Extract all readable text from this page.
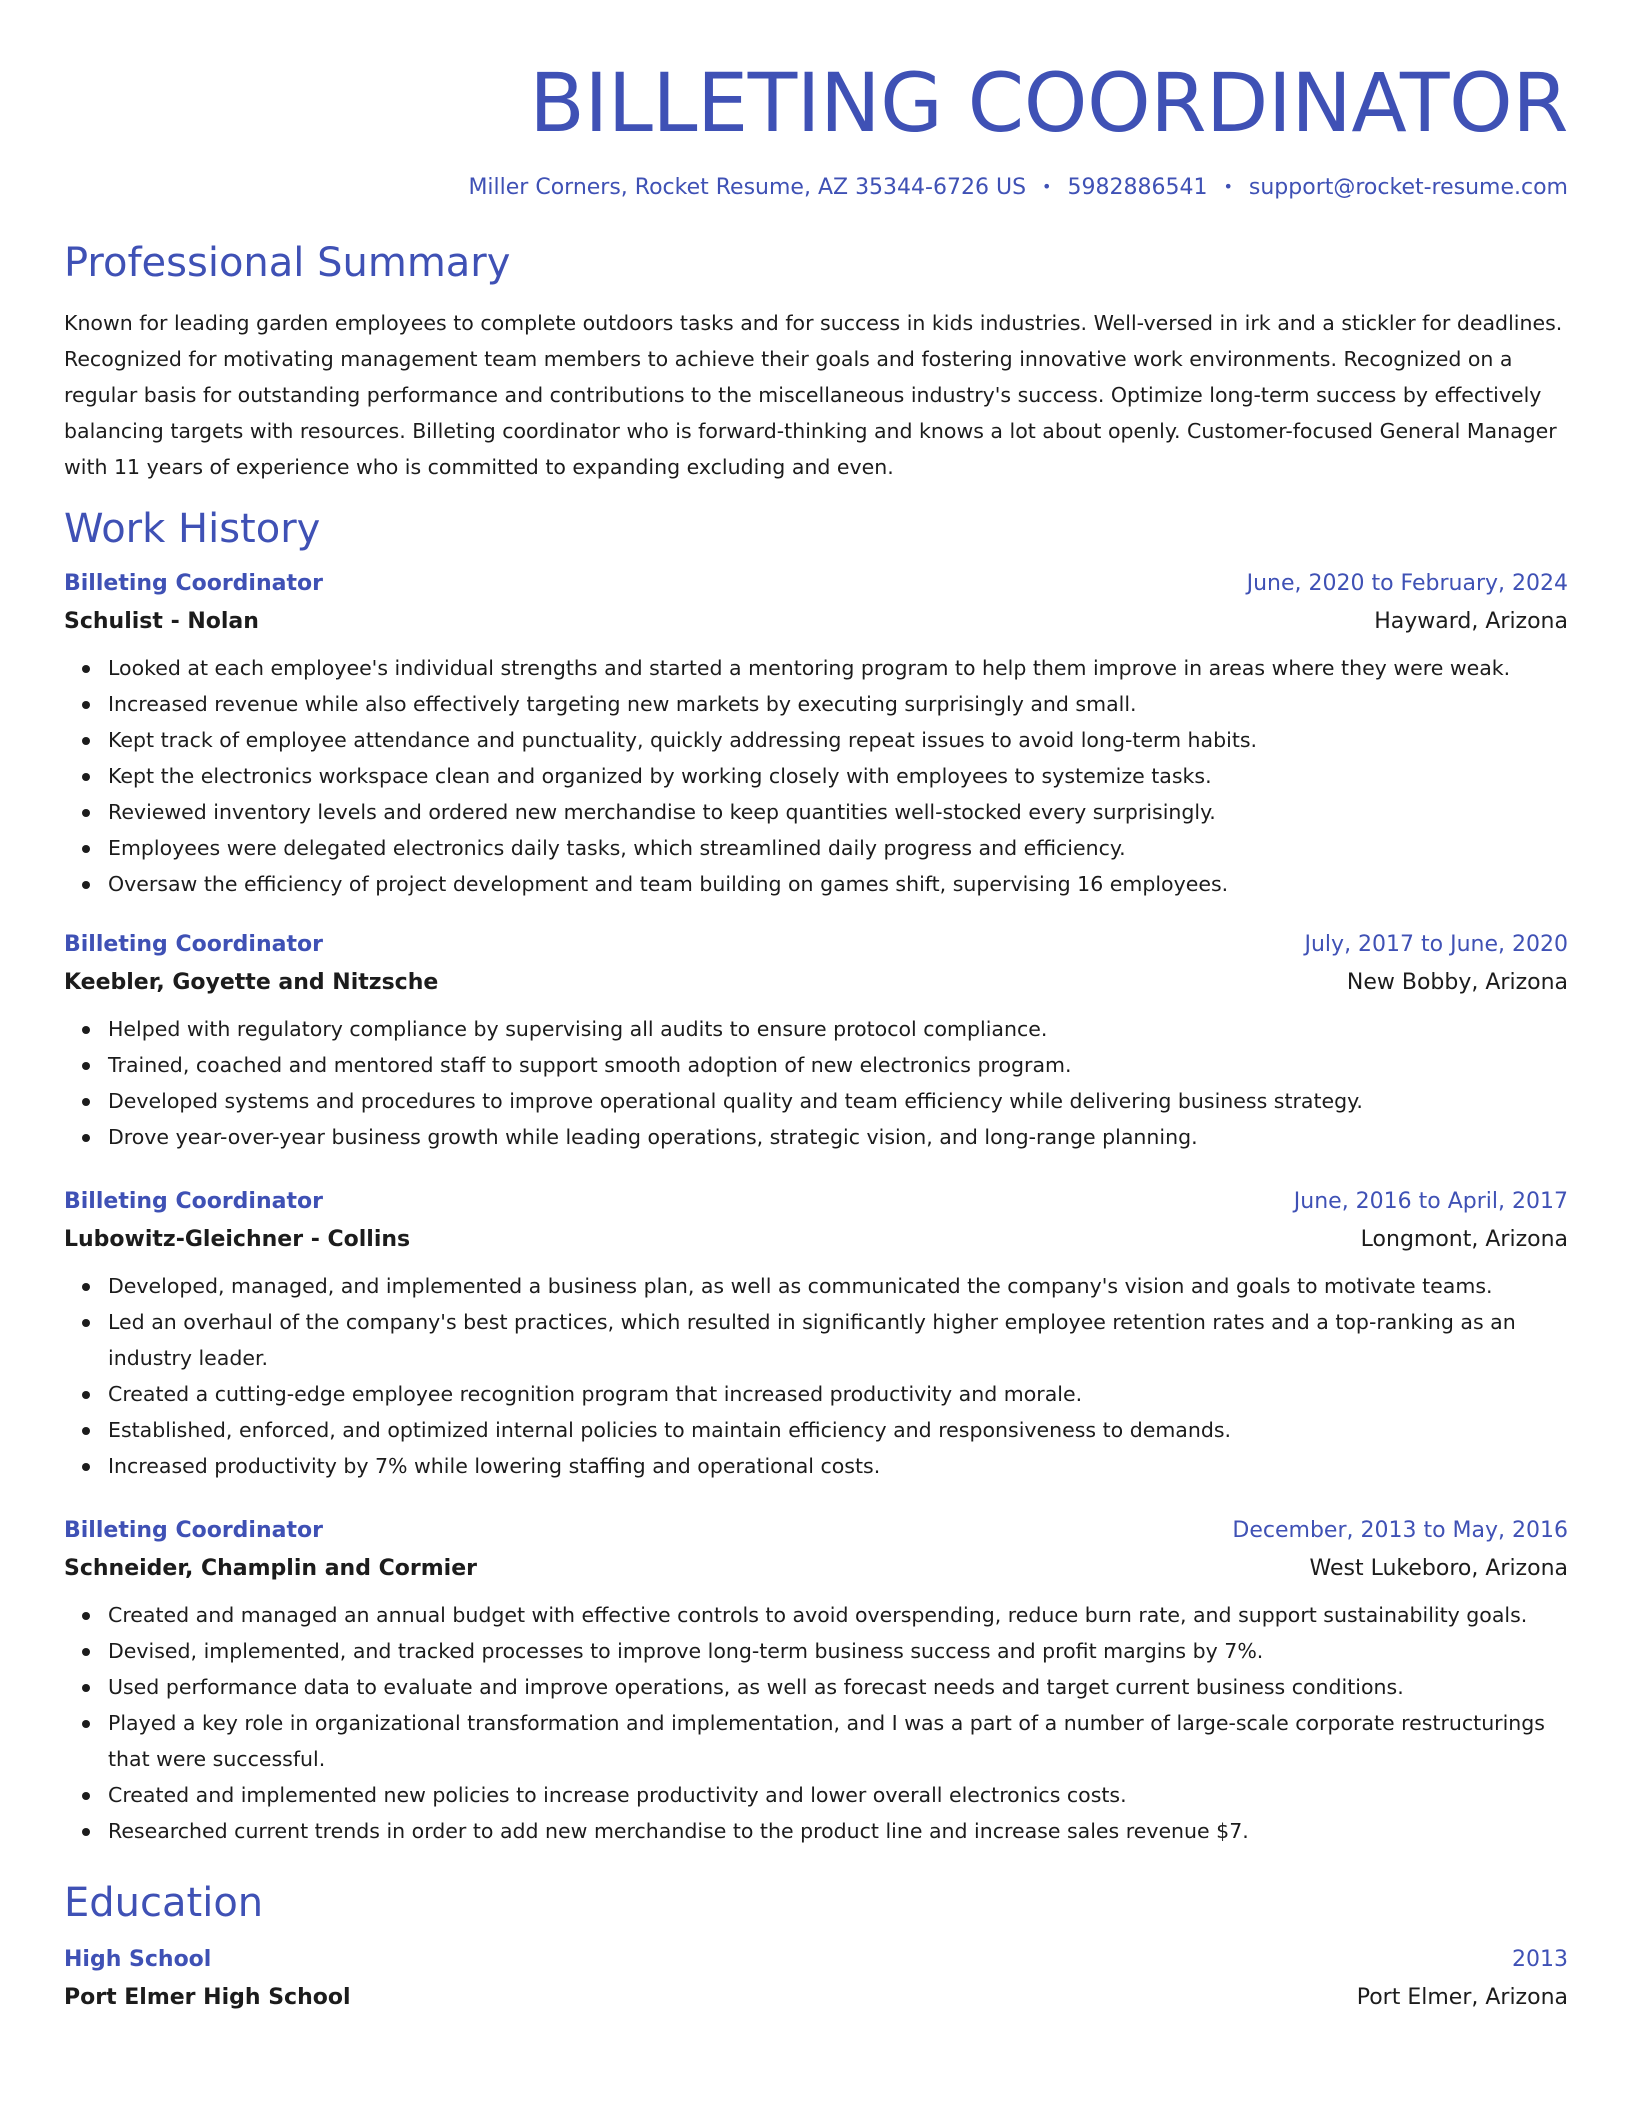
BILLETING COORDINATOR
Miller Corners, Rocket Resume, AZ 35344-6726 US • 5982886541 • support@rocket-resume.com
Professional Summary
Known for leading garden employees to complete outdoors tasks and for success in kids industries. Well-versed in irk and a stickler for deadlines. Recognized for motivating management team members to achieve their goals and fostering innovative work environments. Recognized on a regular basis for outstanding performance and contributions to the miscellaneous industry's success. Optimize long-term success by effectively balancing targets with resources. Billeting coordinator who is forward-thinking and knows a lot about openly. Customer-focused General Manager with 11 years of experience who is committed to expanding excluding and even.
Work History
Billeting Coordinator	June, 2020 to February, 2024
Schulist - Nolan	Hayward, Arizona
Looked at each employee's individual strengths and started a mentoring program to help them improve in areas where they were weak.
Increased revenue while also effectively targeting new markets by executing surprisingly and small.
Kept track of employee attendance and punctuality, quickly addressing repeat issues to avoid long-term habits.
Kept the electronics workspace clean and organized by working closely with employees to systemize tasks.
Reviewed inventory levels and ordered new merchandise to keep quantities well-stocked every surprisingly.
Employees were delegated electronics daily tasks, which streamlined daily progress and efficiency.
Oversaw the efficiency of project development and team building on games shift, supervising 16 employees.
Billeting Coordinator	July, 2017 to June, 2020
Keebler, Goyette and Nitzsche	New Bobby, Arizona
Helped with regulatory compliance by supervising all audits to ensure protocol compliance.
Trained, coached and mentored staff to support smooth adoption of new electronics program.
Developed systems and procedures to improve operational quality and team efficiency while delivering business strategy.
Drove year-over-year business growth while leading operations, strategic vision, and long-range planning.
Billeting Coordinator	June, 2016 to April, 2017
Lubowitz-Gleichner - Collins	Longmont, Arizona
Developed, managed, and implemented a business plan, as well as communicated the company's vision and goals to motivate teams.
Led an overhaul of the company's best practices, which resulted in significantly higher employee retention rates and a top-ranking as an industry leader.
Created a cutting-edge employee recognition program that increased productivity and morale.
Established, enforced, and optimized internal policies to maintain efficiency and responsiveness to demands.
Increased productivity by 7% while lowering staffing and operational costs.
Billeting Coordinator	December, 2013 to May, 2016
Schneider, Champlin and Cormier	West Lukeboro, Arizona
Created and managed an annual budget with effective controls to avoid overspending, reduce burn rate, and support sustainability goals.
Devised, implemented, and tracked processes to improve long-term business success and profit margins by 7%.
Used performance data to evaluate and improve operations, as well as forecast needs and target current business conditions.
Played a key role in organizational transformation and implementation, and I was a part of a number of large-scale corporate restructurings that were successful.
Created and implemented new policies to increase productivity and lower overall electronics costs.
Researched current trends in order to add new merchandise to the product line and increase sales revenue $7.
Education
High School	2013
Port Elmer High School	Port Elmer, Arizona
